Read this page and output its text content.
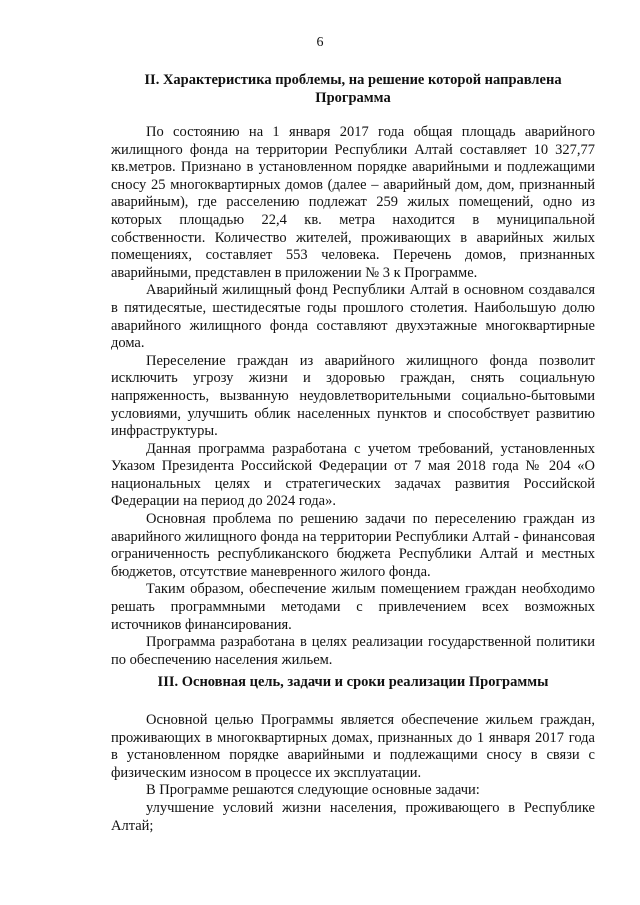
6

II. Характеристика проблемы, на решение которой направлена

Программа

По состоянию на 1 января 2017 года общая площадь аварийного жилищного фонда на территории Республики Алтай составляет 10 327,77 кв.метров. Признано в установленном порядке аварийными и подлежащими сносу 25 многоквартирных домов (далее – аварийный дом, дом, признанный аварийным), где расселению подлежат 259 жилых помещений, одно из которых площадью 22,4 кв. метра находится в муниципальной собственности. Количество жителей, проживающих в аварийных жилых помещениях, составляет 553 человека. Перечень домов, признанных аварийными, представлен в приложении № 3 к Программе.

Аварийный жилищный фонд Республики Алтай в основном создавался в пятидесятые, шестидесятые годы прошлого столетия. Наибольшую долю аварийного жилищного фонда составляют двухэтажные многоквартирные дома.

Переселение граждан из аварийного жилищного фонда позволит исключить угрозу жизни и здоровью граждан, снять социальную напряженность, вызванную неудовлетворительными социально-бытовыми условиями, улучшить облик населенных пунктов и способствует развитию инфраструктуры.

Данная программа разработана с учетом требований, установленных Указом Президента Российской Федерации от 7 мая 2018 года № 204 «О национальных целях и стратегических задачах развития Российской Федерации на период до 2024 года».

Основная проблема по решению задачи по переселению граждан из аварийного жилищного фонда на территории Республики Алтай - финансовая ограниченность республиканского бюджета Республики Алтай и местных бюджетов, отсутствие маневренного жилого фонда.

Таким образом, обеспечение жилым помещением граждан необходимо решать программными методами с привлечением всех возможных источников финансирования.

Программа разработана в целях реализации государственной политики по обеспечению населения жильем.

III. Основная цель, задачи и сроки реализации Программы

Основной целью Программы является обеспечение жильем граждан, проживающих в многоквартирных домах, признанных до 1 января 2017 года в установленном порядке аварийными и подлежащими сносу в связи с физическим износом в процессе их эксплуатации.

В Программе решаются следующие основные задачи:

улучшение условий жизни населения, проживающего в Республике Алтай;
